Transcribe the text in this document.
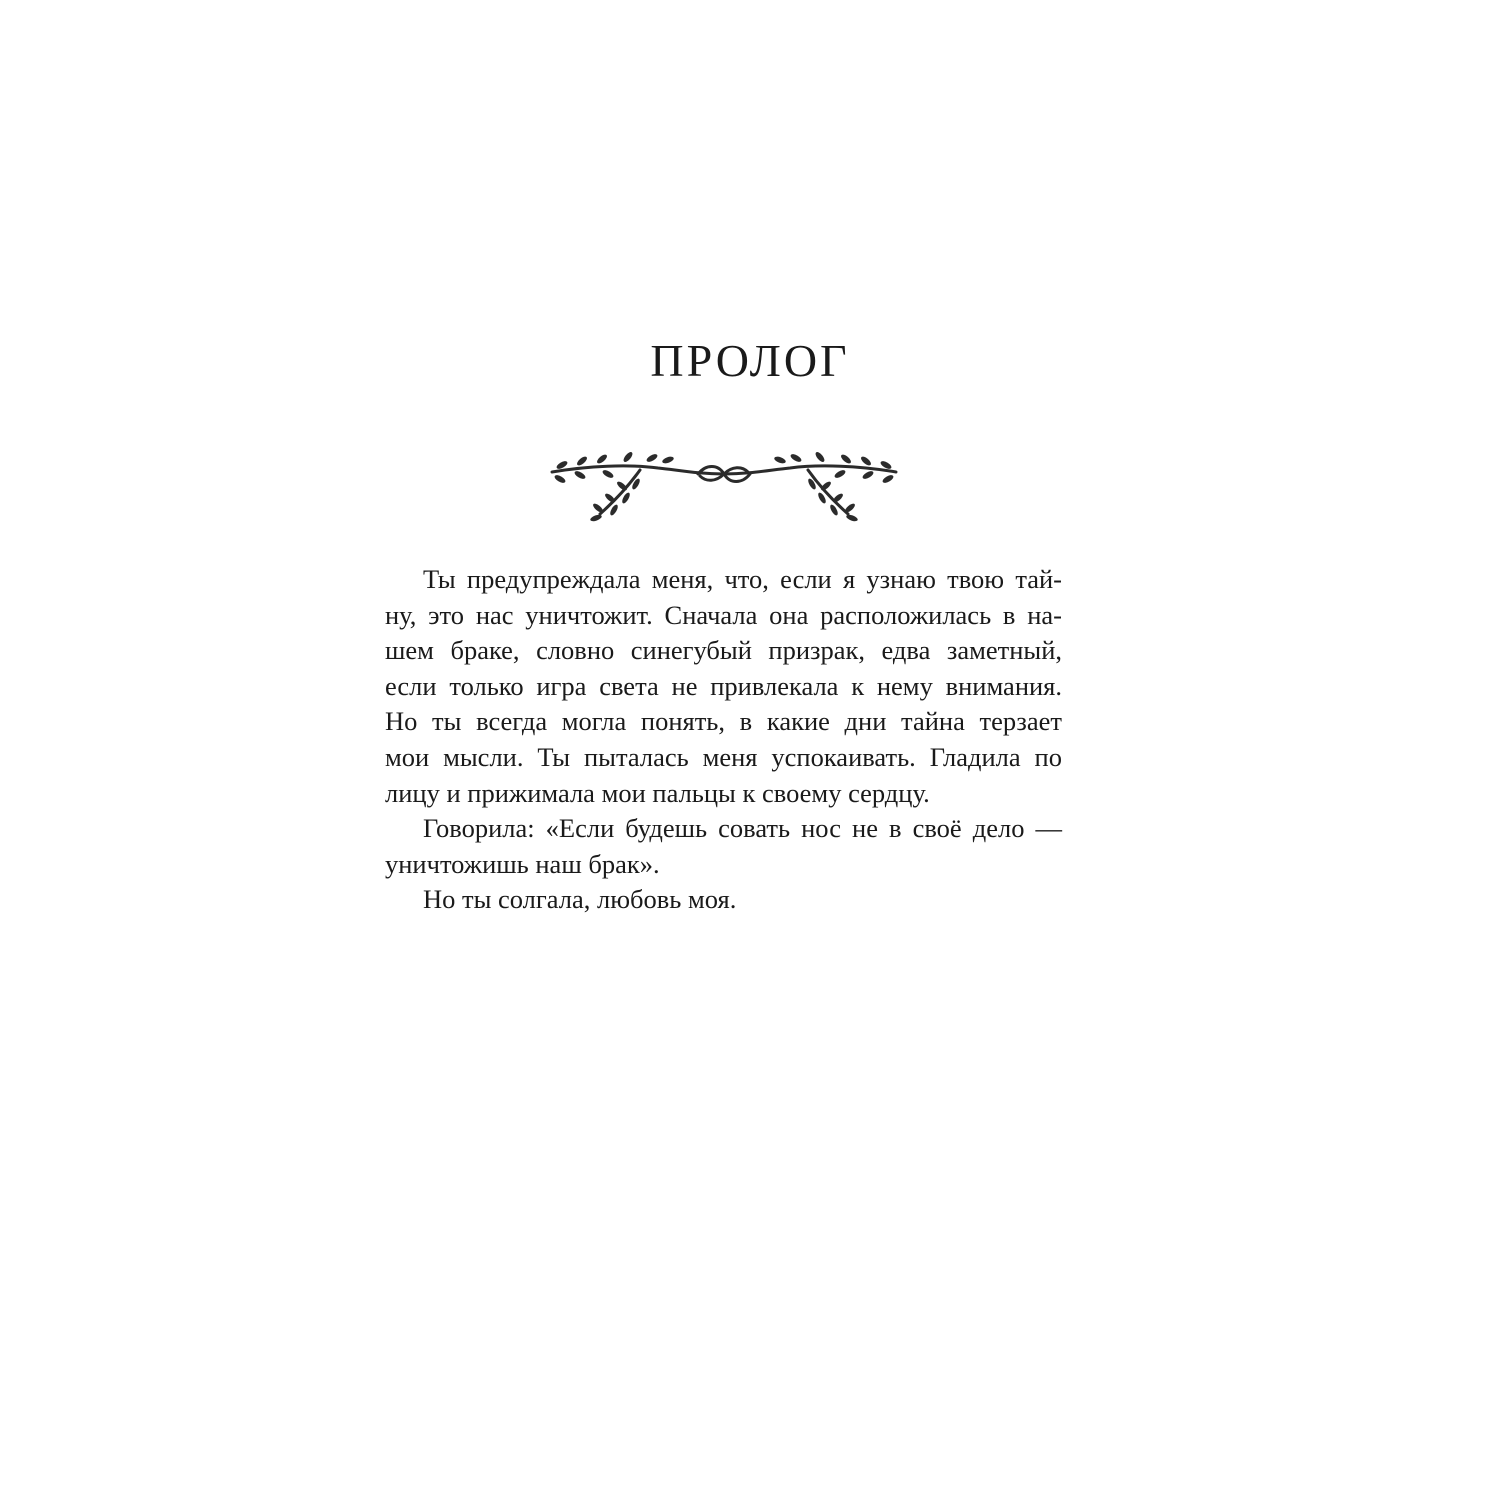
ПРОЛОГ
Ты предупреждала меня, что, если я узнаю твою тай-
ну, это нас уничтожит. Сначала она расположилась в на-
шем браке, словно синегубый призрак, едва заметный,
если только игра света не привлекала к нему внимания.
Но ты всегда могла понять, в какие дни тайна терзает
мои мысли. Ты пыталась меня успокаивать. Гладила по
лицу и прижимала мои пальцы к своему сердцу.
Говорила: «Если будешь совать нос не в своё дело —
уничтожишь наш брак».
Но ты солгала, любовь моя.
